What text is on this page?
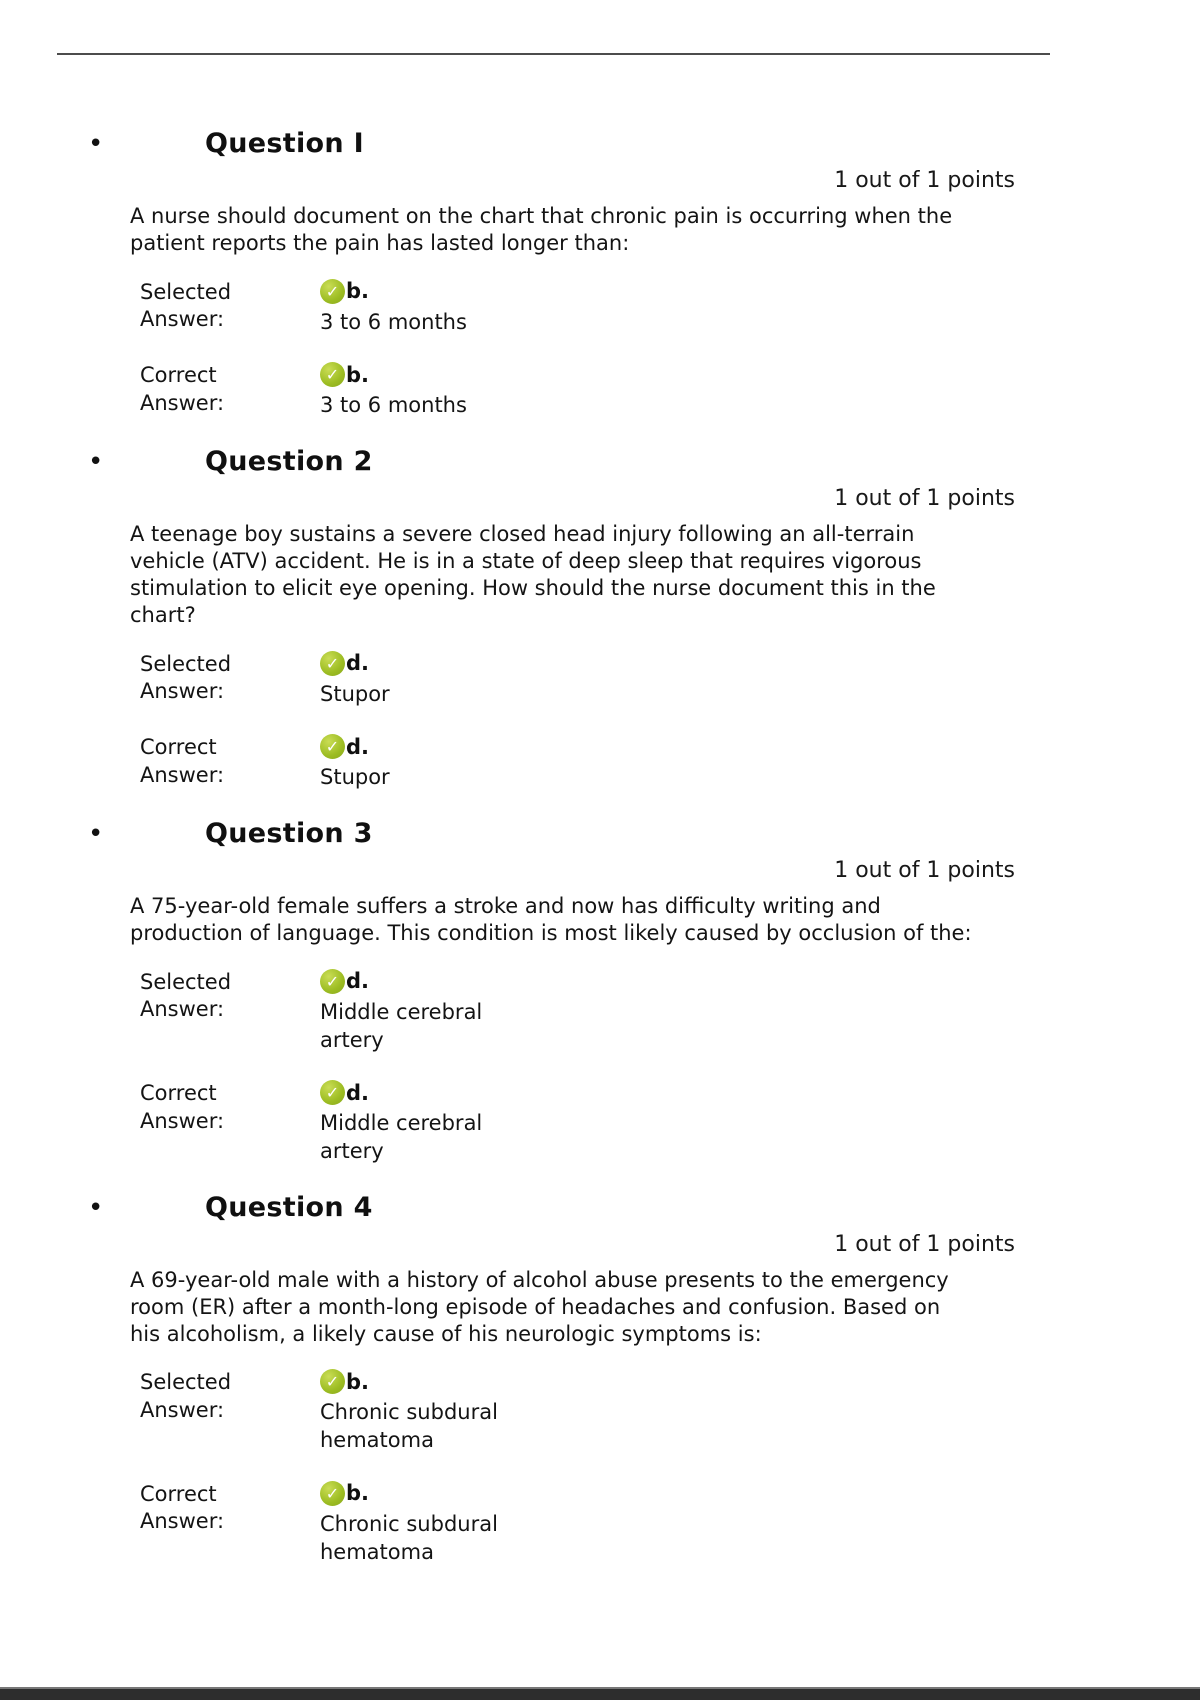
•	Question I
1 out of 1 points
A nurse should document on the chart that chronic pain is occurring when the patient reports the pain has lasted longer than:
Selected Answer:
✓ b.
3 to 6 months
Correct Answer:
✓ b.
3 to 6 months
•	Question 2
1 out of 1 points
A teenage boy sustains a severe closed head injury following an all-terrain vehicle (ATV) accident. He is in a state of deep sleep that requires vigorous stimulation to elicit eye opening. How should the nurse document this in the chart?
Selected Answer:
✓ d.
Stupor
Correct Answer:
✓ d.
Stupor
•	Question 3
1 out of 1 points
A 75-year-old female suffers a stroke and now has difficulty writing and production of language. This condition is most likely caused by occlusion of the:
Selected Answer:
✓ d.
Middle cerebral artery
Correct Answer:
✓ d.
Middle cerebral artery
•	Question 4
1 out of 1 points
A 69-year-old male with a history of alcohol abuse presents to the emergency room (ER) after a month-long episode of headaches and confusion. Based on his alcoholism, a likely cause of his neurologic symptoms is:
Selected Answer:
✓ b.
Chronic subdural hematoma
Correct Answer:
✓ b.
Chronic subdural hematoma
